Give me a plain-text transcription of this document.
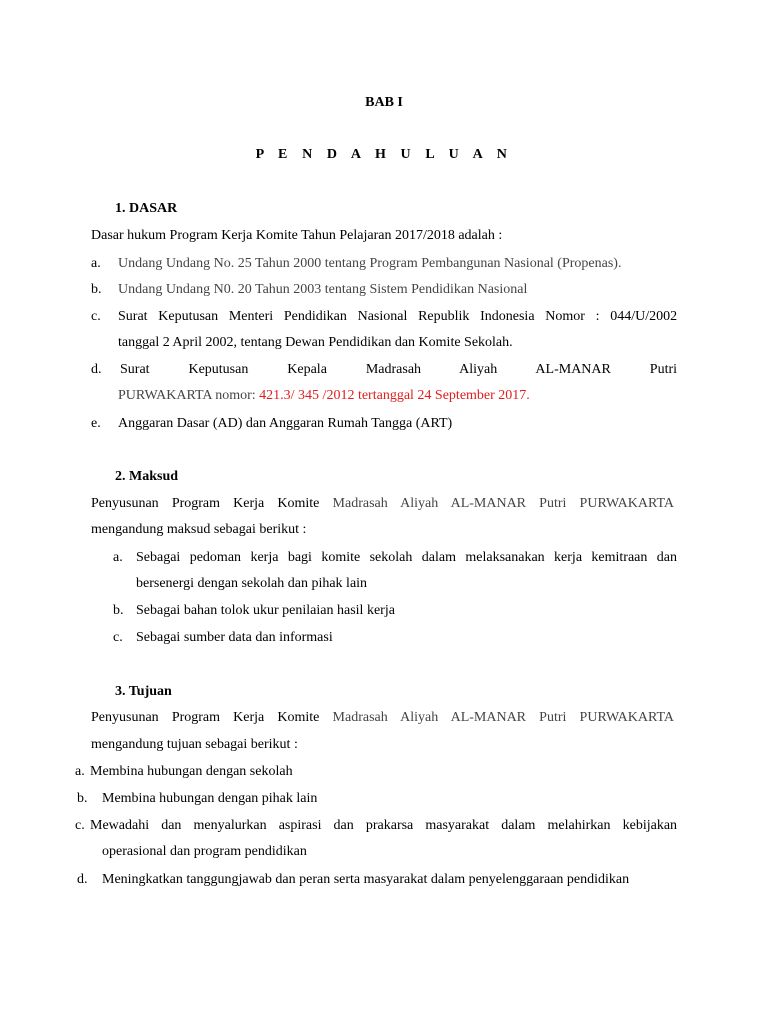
BAB I
P E N D A H U L U A N
1. DASAR
Dasar hukum Program Kerja Komite Tahun Pelajaran 2017/2018 adalah :
a. Undang Undang No. 25 Tahun 2000 tentang Program Pembangunan Nasional (Propenas).
b. Undang Undang N0. 20 Tahun 2003 tentang Sistem Pendidikan Nasional
c. Surat Keputusan Menteri Pendidikan Nasional Republik Indonesia Nomor : 044/U/2002
tanggal 2 April 2002, tentang Dewan Pendidikan dan Komite Sekolah.
d. Surat	Keputusan	Kepala	Madrasah	Aliyah	AL-MANAR	Putri
PURWAKARTA nomor: 421.3/ 345 /2012 tertanggal 24 September 2017.
e. Anggaran Dasar (AD) dan Anggaran Rumah Tangga (ART)
2. Maksud
Penyusunan Program Kerja Komite Madrasah Aliyah AL-MANAR Putri PURWAKARTA
mengandung maksud sebagai berikut :
a. Sebagai pedoman kerja bagi komite sekolah dalam melaksanakan kerja kemitraan dan
bersenergi dengan sekolah dan pihak lain
b. Sebagai bahan tolok ukur penilaian hasil kerja
c. Sebagai sumber data dan informasi
3. Tujuan
Penyusunan Program Kerja Komite Madrasah Aliyah AL-MANAR Putri PURWAKARTA
mengandung tujuan sebagai berikut :
a. Membina hubungan dengan sekolah
b. Membina hubungan dengan pihak lain
c. Mewadahi dan menyalurkan aspirasi dan prakarsa masyarakat dalam melahirkan kebijakan
operasional dan program pendidikan
d. Meningkatkan tanggungjawab dan peran serta masyarakat dalam penyelenggaraan pendidikan
